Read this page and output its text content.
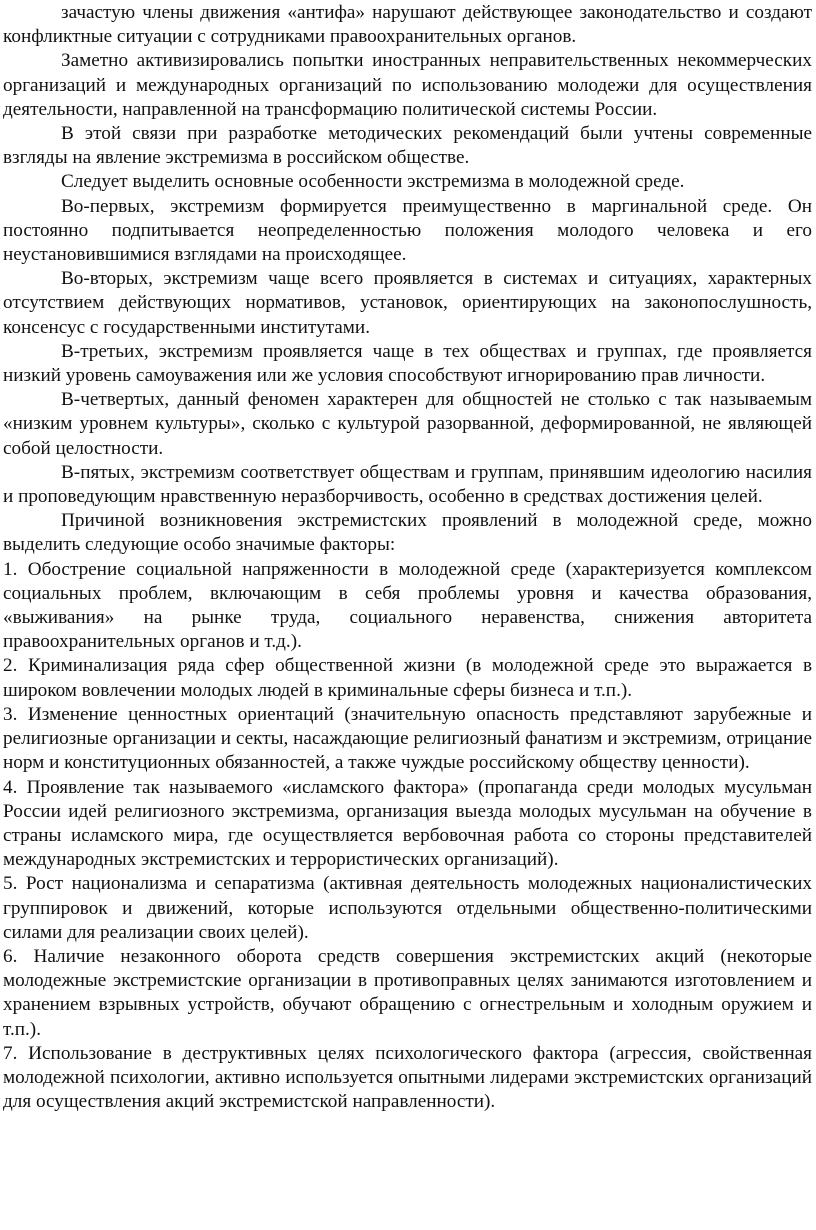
зачастую члены движения «антифа» нарушают действующее законодательство и создают конфликтные ситуации с сотрудниками правоохранительных органов.

Заметно активизировались попытки иностранных неправительственных некоммерческих организаций и международных организаций по использованию молодежи для осуществления деятельности, направленной на трансформацию политической системы России.

В этой связи при разработке методических рекомендаций были учтены современные взгляды на явление экстремизма в российском обществе.

Следует выделить основные особенности экстремизма в молодежной среде.

Во-первых, экстремизм формируется преимущественно в маргинальной среде. Он постоянно подпитывается неопределенностью положения молодого человека и его неустановившимися взглядами на происходящее.

Во-вторых, экстремизм чаще всего проявляется в системах и ситуациях, характерных отсутствием действующих нормативов, установок, ориентирующих на законопослушность, консенсус с государственными институтами.

В-третьих, экстремизм проявляется чаще в тех обществах и группах, где проявляется низкий уровень самоуважения или же условия способствуют игнорированию прав личности.

В-четвертых, данный феномен характерен для общностей не столько с так называемым «низким уровнем культуры», сколько с культурой разорванной, деформированной, не являющей собой целостности.

В-пятых, экстремизм соответствует обществам и группам, принявшим идеологию насилия и проповедующим нравственную неразборчивость, особенно в средствах достижения целей.

Причиной возникновения экстремистских проявлений в молодежной среде, можно выделить следующие особо значимые факторы:

1. Обострение социальной напряженности в молодежной среде (характеризуется комплексом социальных проблем, включающим в себя проблемы уровня и качества образования, «выживания» на рынке труда, социального неравенства, снижения авторитета правоохранительных органов и т.д.).

2. Криминализация ряда сфер общественной жизни (в молодежной среде это выражается в широком вовлечении молодых людей в криминальные сферы бизнеса и т.п.).

3. Изменение ценностных ориентаций (значительную опасность представляют зарубежные и религиозные организации и секты, насаждающие религиозный фанатизм и экстремизм, отрицание норм и конституционных обязанностей, а также чуждые российскому обществу ценности).

4. Проявление так называемого «исламского фактора» (пропаганда среди молодых мусульман России идей религиозного экстремизма, организация выезда молодых мусульман на обучение в страны исламского мира, где осуществляется вербовочная работа со стороны представителей международных экстремистских и террористических организаций).

5. Рост национализма и сепаратизма (активная деятельность молодежных националистических группировок и движений, которые используются отдельными общественно-политическими силами для реализации своих целей).

6. Наличие незаконного оборота средств совершения экстремистских акций (некоторые молодежные экстремистские организации в противоправных целях занимаются изготовлением и хранением взрывных устройств, обучают обращению с огнестрельным и холодным оружием и т.п.).

7. Использование в деструктивных целях психологического фактора (агрессия, свойственная молодежной психологии, активно используется опытными лидерами экстремистских организаций для осуществления акций экстремистской направленности).
